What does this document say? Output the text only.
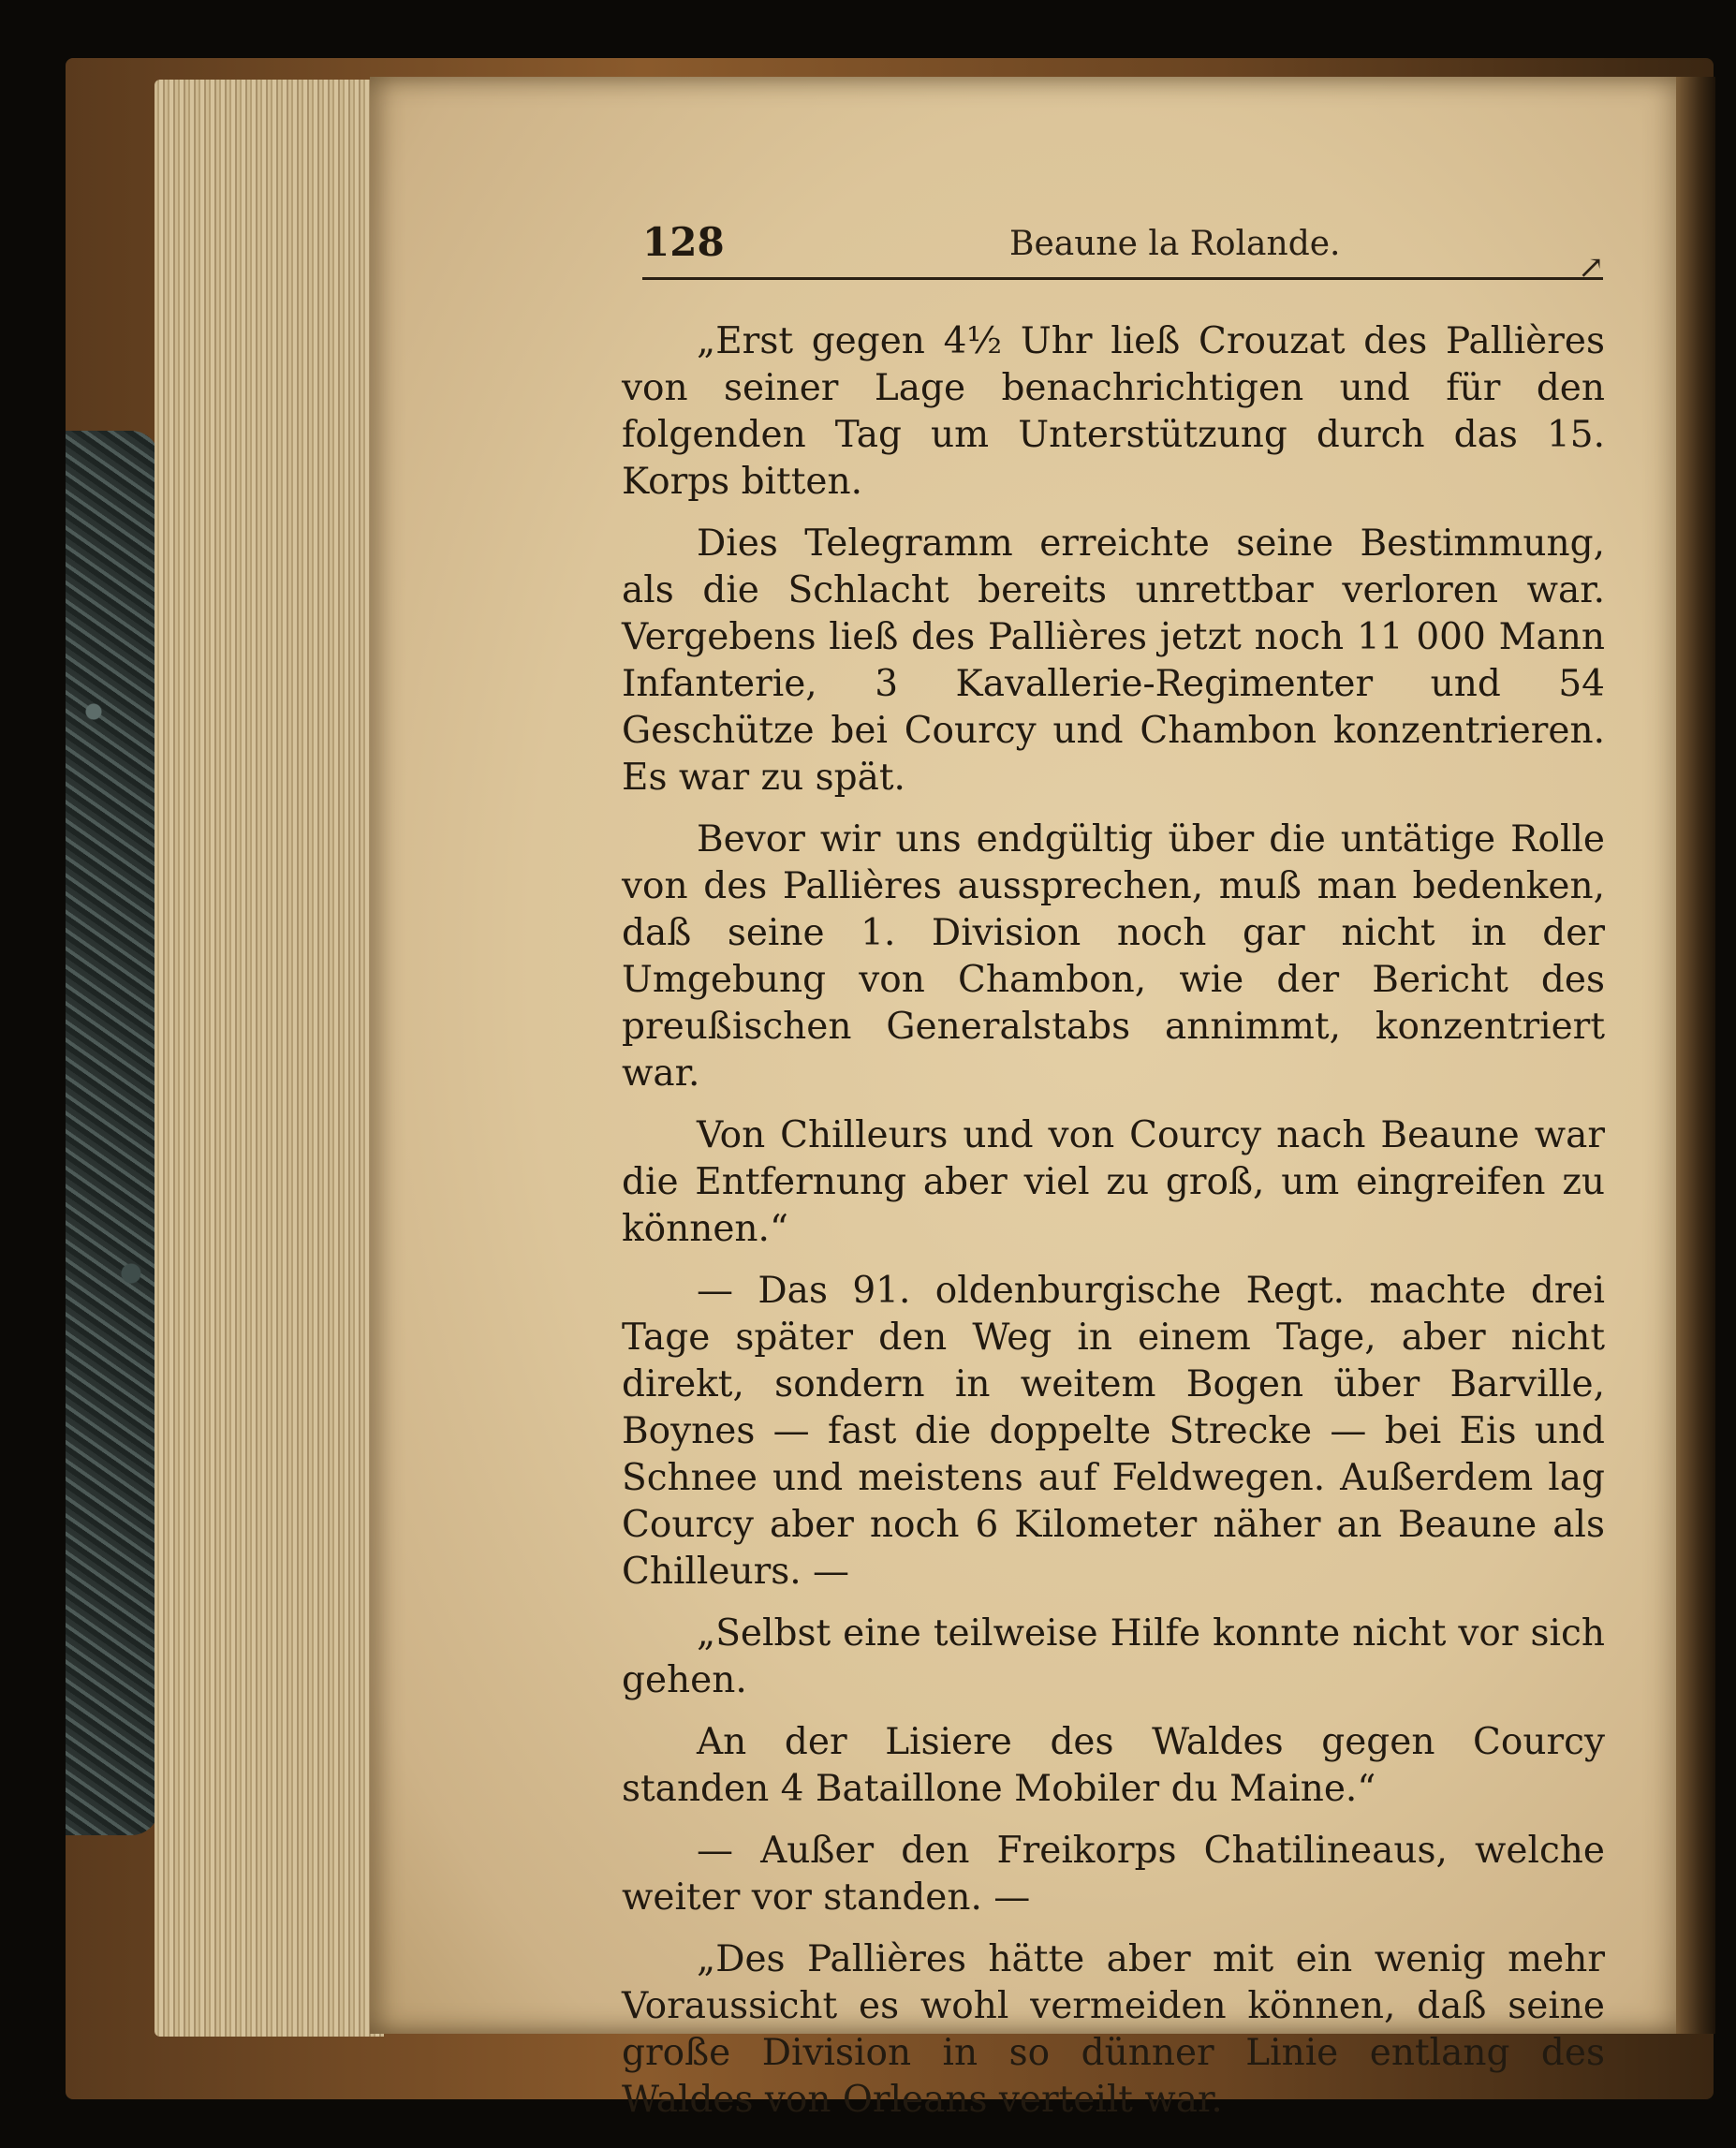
128	Beaune la Rolande.
↗

„Erst gegen 4½ Uhr ließ Crouzat des Pallières von seiner Lage benachrichtigen und für den folgenden Tag um Unterstützung durch das 15. Korps bitten.

Dies Telegramm erreichte seine Bestimmung, als die Schlacht bereits unrettbar verloren war. Vergebens ließ des Pallières jetzt noch 11 000 Mann Infanterie, 3 Kavallerie-Regimenter und 54 Geschütze bei Courcy und Chambon konzentrieren. Es war zu spät.

Bevor wir uns endgültig über die untätige Rolle von des Pallières aussprechen, muß man bedenken, daß seine 1. Division noch gar nicht in der Umgebung von Chambon, wie der Bericht des preußischen Generalstabs annimmt, konzentriert war.

Von Chilleurs und von Courcy nach Beaune war die Entfernung aber viel zu groß, um eingreifen zu können.“

— Das 91. oldenburgische Regt. machte drei Tage später den Weg in einem Tage, aber nicht direkt, sondern in weitem Bogen über Barville, Boynes — fast die doppelte Strecke — bei Eis und Schnee und meistens auf Feldwegen. Außerdem lag Courcy aber noch 6 Kilometer näher an Beaune als Chilleurs. —

„Selbst eine teilweise Hilfe konnte nicht vor sich gehen.

An der Lisiere des Waldes gegen Courcy standen 4 Bataillone Mobiler du Maine.“

— Außer den Freikorps Chatilineaus, welche weiter vor standen. —

„Des Pallières hätte aber mit ein wenig mehr Voraussicht es wohl vermeiden können, daß seine große Division in so dünner Linie entlang des Waldes von Orleans verteilt war.
